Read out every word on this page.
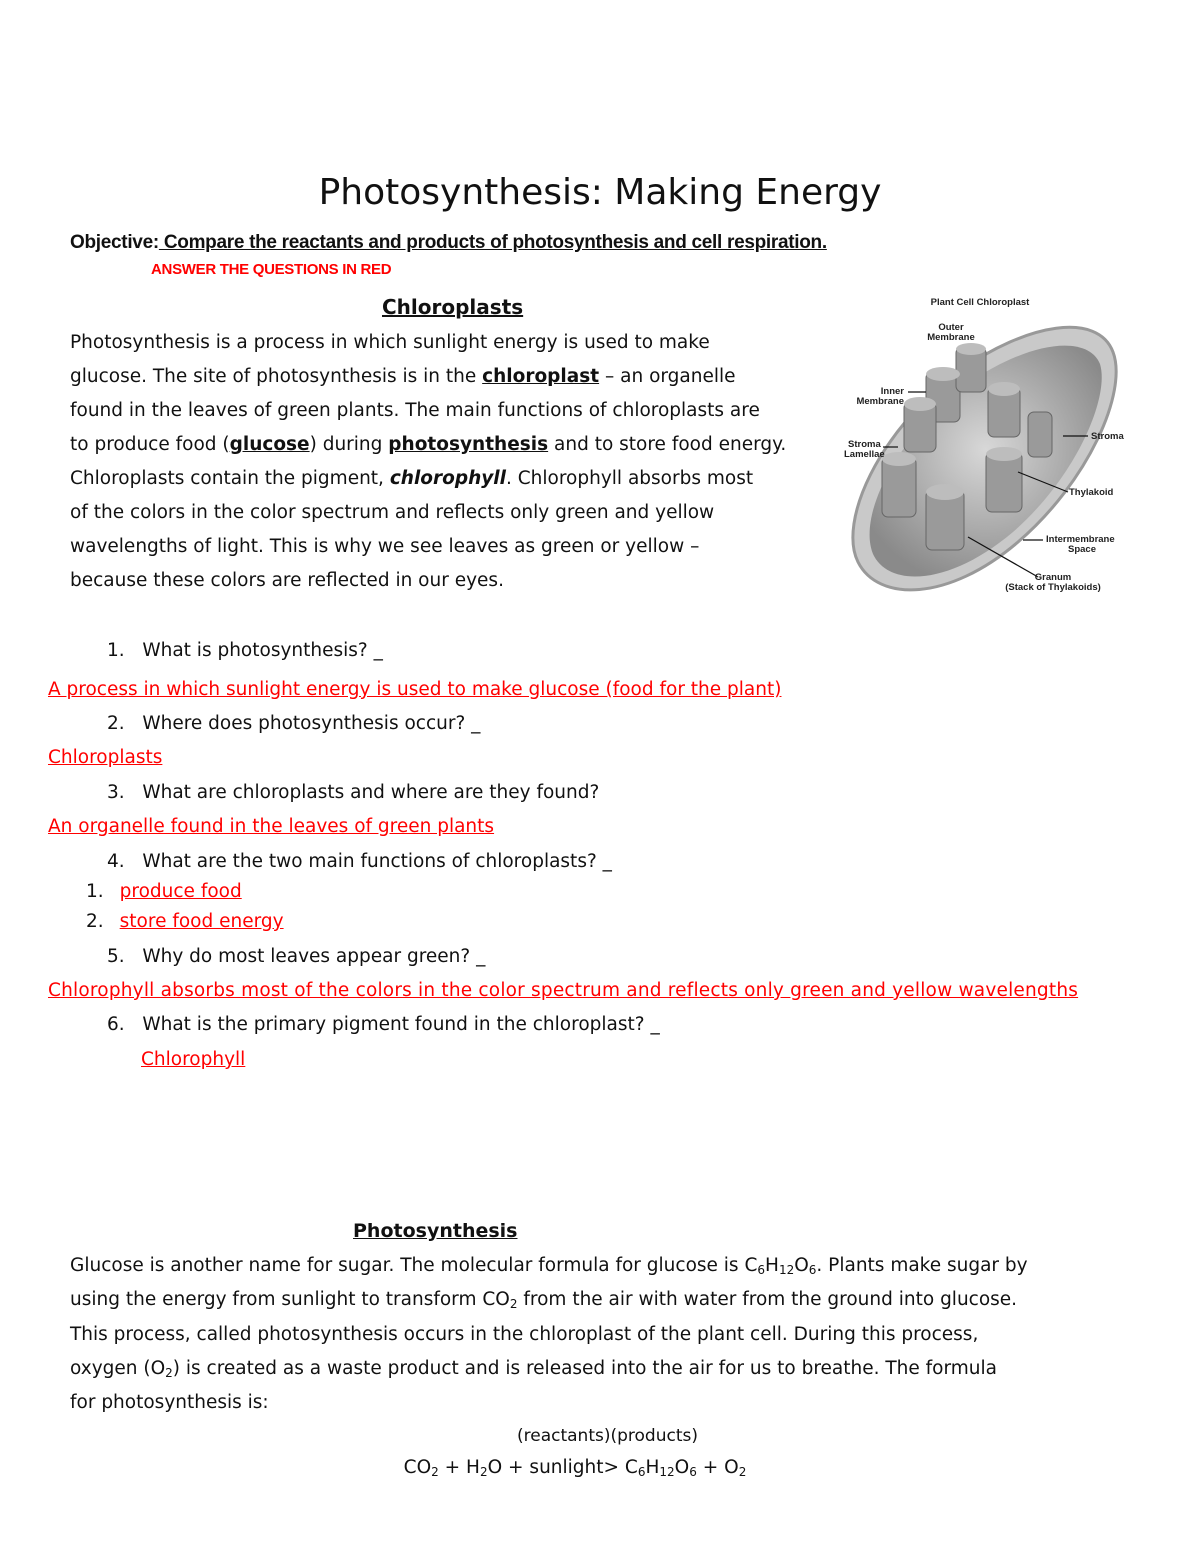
Photosynthesis: Making Energy
Objective: Compare the reactants and products of photosynthesis and cell respiration.
ANSWER THE QUESTIONS IN RED
Chloroplasts
Photosynthesis is a process in which sunlight energy is used to make
glucose. The site of photosynthesis is in the chloroplast – an organelle
found in the leaves of green plants. The main functions of chloroplasts are
to produce food (glucose) during photosynthesis and to store food energy.
Chloroplasts contain the pigment, chlorophyll. Chlorophyll absorbs most
of the colors in the color spectrum and reflects only green and yellow
wavelengths of light. This is why we see leaves as green or yellow –
because these colors are reflected in our eyes.
Plant Cell Chloroplast
Outer
Membrane
Inner
Membrane
Stroma
Lamellae
Stroma
Thylakoid
Intermembrane
Space
Granum
(Stack of Thylakoids)
1. What is photosynthesis? _
A process in which sunlight energy is used to make glucose (food for the plant)
2. Where does photosynthesis occur? _
Chloroplasts
3. What are chloroplasts and where are they found?
An organelle found in the leaves of green plants
4. What are the two main functions of chloroplasts? _
1. produce food
2. store food energy
5. Why do most leaves appear green? _
Chlorophyll absorbs most of the colors in the color spectrum and reflects only green and yellow wavelengths
6. What is the primary pigment found in the chloroplast? _
Chlorophyll
Photosynthesis
Glucose is another name for sugar. The molecular formula for glucose is $C_6H_{12}O_6$. Plants make sugar by
using the energy from sunlight to transform $CO_2$ from the air with water from the ground into glucose.
This process, called photosynthesis occurs in the chloroplast of the plant cell. During this process,
oxygen $(O_2)$ is created as a waste product and is released into the air for us to breathe. The formula
for photosynthesis is:
(reactants)(products)
$CO_2 + H_2O$ + sunlight> $C_6H_{12}O_6 + O_2$
